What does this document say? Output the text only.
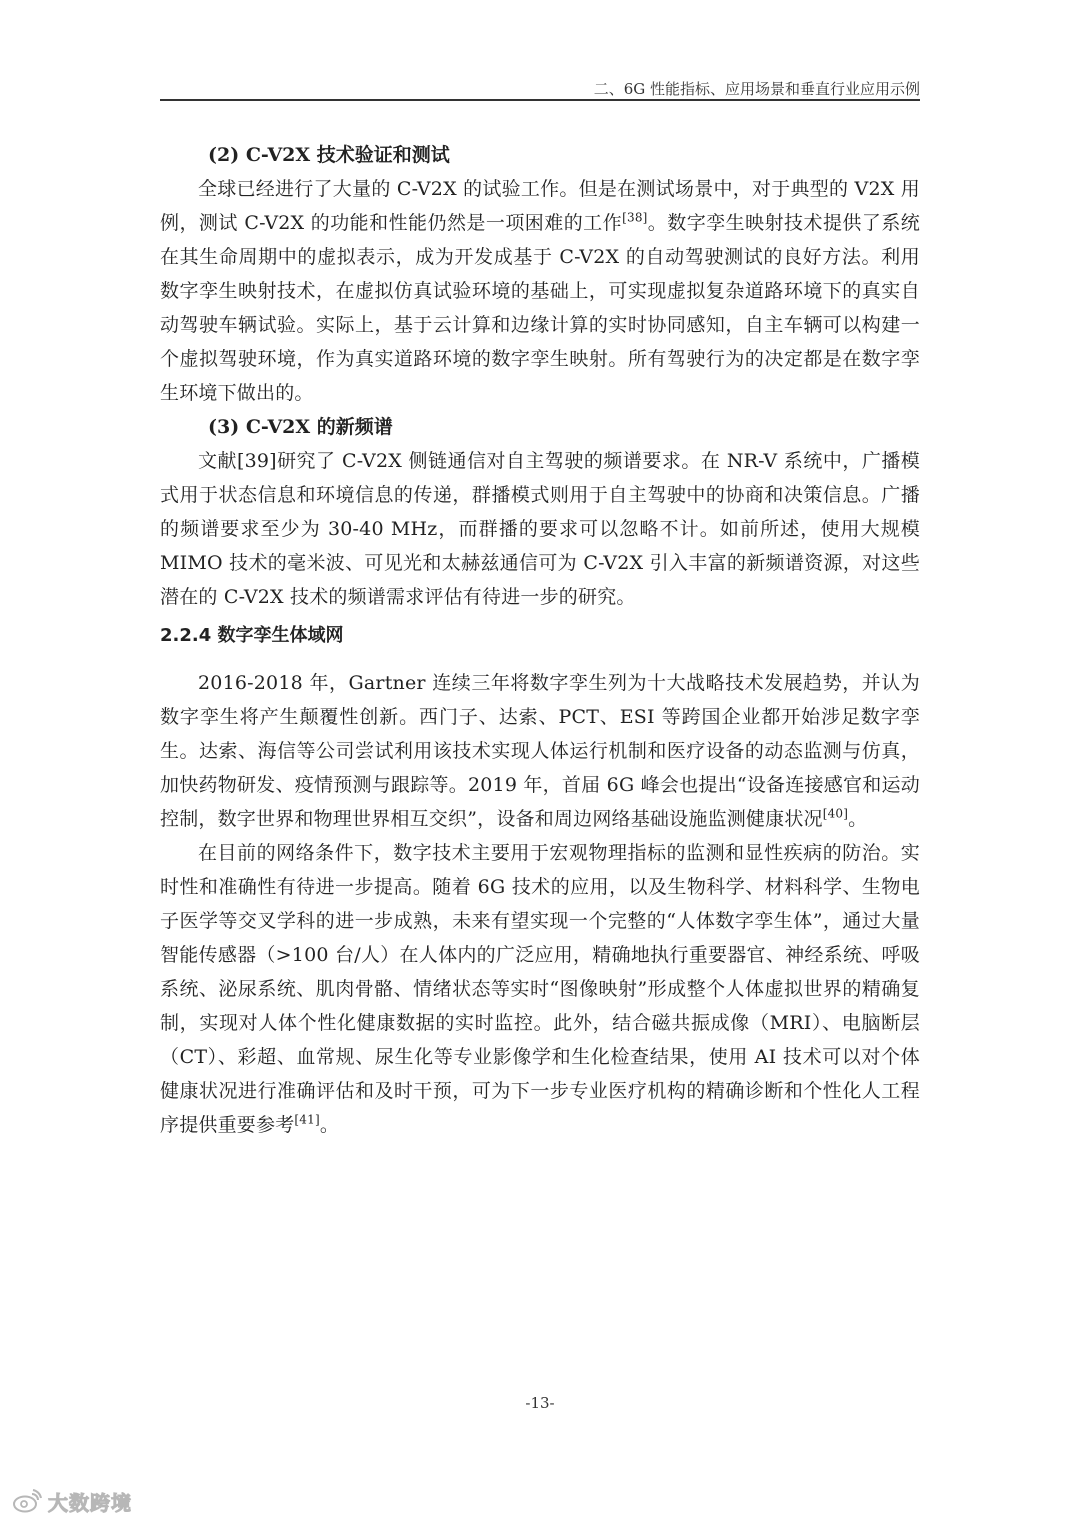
二、6G 性能指标、应用场景和垂直行业应用示例
(2) C-V2X 技术验证和测试

全球已经进行了大量的 C-V2X 的试验工作。但是在测试场景中，对于典型的 V2X 用例，测试 C-V2X 的功能和性能仍然是一项困难的工作[38]。数字孪生映射技术提供了系统在其生命周期中的虚拟表示，成为开发成基于 C-V2X 的自动驾驶测试的良好方法。利用数字孪生映射技术，在虚拟仿真试验环境的基础上，可实现虚拟复杂道路环境下的真实自动驾驶车辆试验。实际上，基于云计算和边缘计算的实时协同感知，自主车辆可以构建一个虚拟驾驶环境，作为真实道路环境的数字孪生映射。所有驾驶行为的决定都是在数字孪生环境下做出的。

(3) C-V2X 的新频谱

文献[39]研究了 C-V2X 侧链通信对自主驾驶的频谱要求。在 NR-V 系统中，广播模式用于状态信息和环境信息的传递，群播模式则用于自主驾驶中的协商和决策信息。广播的频谱要求至少为 30-40 MHz，而群播的要求可以忽略不计。如前所述，使用大规模 MIMO 技术的毫米波、可见光和太赫兹通信可为 C-V2X 引入丰富的新频谱资源，对这些潜在的 C-V2X 技术的频谱需求评估有待进一步的研究。

2.2.4 数字孪生体域网

2016-2018 年，Gartner 连续三年将数字孪生列为十大战略技术发展趋势，并认为数字孪生将产生颠覆性创新。西门子、达索、PCT、ESI 等跨国企业都开始涉足数字孪生。达索、海信等公司尝试利用该技术实现人体运行机制和医疗设备的动态监测与仿真，加快药物研发、疫情预测与跟踪等。2019 年，首届 6G 峰会也提出“设备连接感官和运动控制，数字世界和物理世界相互交织”，设备和周边网络基础设施监测健康状况[40]。

在目前的网络条件下，数字技术主要用于宏观物理指标的监测和显性疾病的防治。实时性和准确性有待进一步提高。随着 6G 技术的应用，以及生物科学、材料科学、生物电子医学等交叉学科的进一步成熟，未来有望实现一个完整的“人体数字孪生体”，通过大量智能传感器（>100 台/人）在人体内的广泛应用，精确地执行重要器官、神经系统、呼吸系统、泌尿系统、肌肉骨骼、情绪状态等实时“图像映射”形成整个人体虚拟世界的精确复制，实现对人体个性化健康数据的实时监控。此外，结合磁共振成像（MRI）、电脑断层（CT）、彩超、血常规、尿生化等专业影像学和生化检查结果，使用 AI 技术可以对个体健康状况进行准确评估和及时干预，可为下一步专业医疗机构的精确诊断和个性化人工程序提供重要参考[41]。

-13-
大数跨境
